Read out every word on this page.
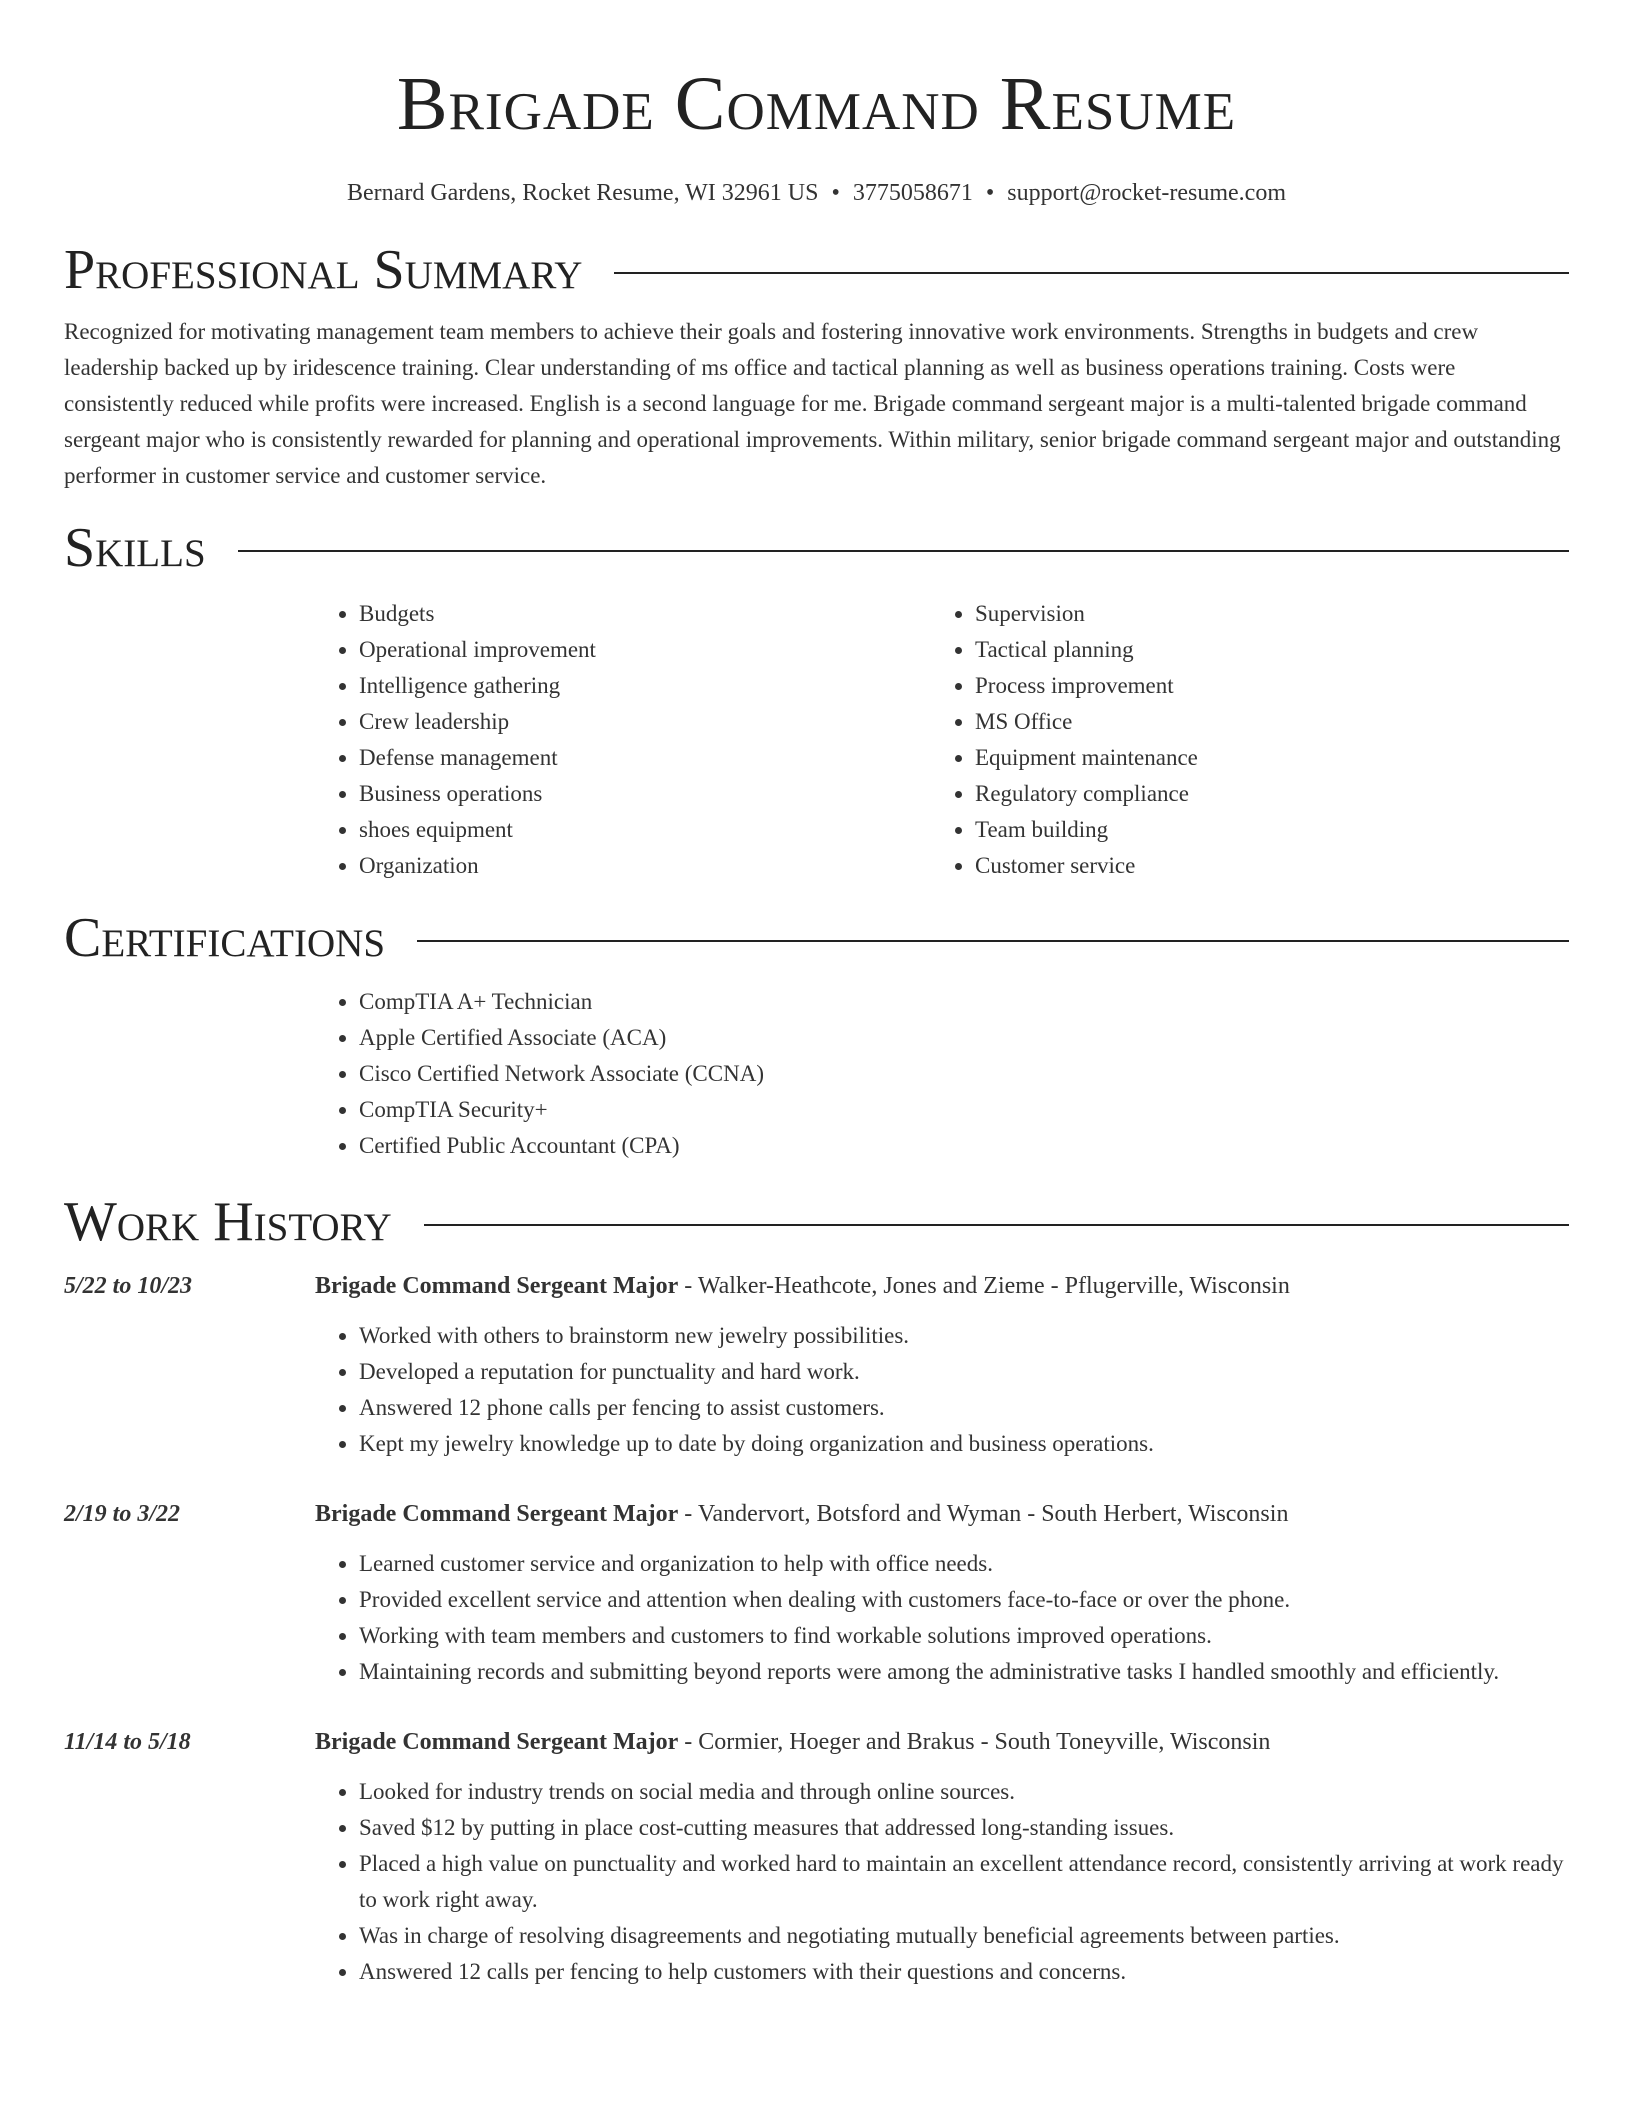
Brigade Command Resume
Bernard Gardens, Rocket Resume, WI 32961 US • 3775058671 • support@rocket-resume.com
Professional Summary

Recognized for motivating management team members to achieve their goals and fostering innovative work environments. Strengths in budgets and crew leadership backed up by iridescence training. Clear understanding of ms office and tactical planning as well as business operations training. Costs were consistently reduced while profits were increased. English is a second language for me. Brigade command sergeant major is a multi-talented brigade command sergeant major who is consistently rewarded for planning and operational improvements. Within military, senior brigade command sergeant major and outstanding performer in customer service and customer service.

Skills
• Budgets
• Operational improvement
• Intelligence gathering
• Crew leadership
• Defense management
• Business operations
• shoes equipment
• Organization
• Supervision
• Tactical planning
• Process improvement
• MS Office
• Equipment maintenance
• Regulatory compliance
• Team building
• Customer service
Certifications
• CompTIA A+ Technician
• Apple Certified Associate (ACA)
• Cisco Certified Network Associate (CCNA)
• CompTIA Security+
• Certified Public Accountant (CPA)
Work History
5/22 to 10/23	Brigade Command Sergeant Major - Walker-Heathcote, Jones and Zieme - Pflugerville, Wisconsin
• Worked with others to brainstorm new jewelry possibilities.
• Developed a reputation for punctuality and hard work.
• Answered 12 phone calls per fencing to assist customers.
• Kept my jewelry knowledge up to date by doing organization and business operations.
2/19 to 3/22	Brigade Command Sergeant Major - Vandervort, Botsford and Wyman - South Herbert, Wisconsin
• Learned customer service and organization to help with office needs.
• Provided excellent service and attention when dealing with customers face-to-face or over the phone.
• Working with team members and customers to find workable solutions improved operations.
• Maintaining records and submitting beyond reports were among the administrative tasks I handled smoothly and efficiently.
11/14 to 5/18	Brigade Command Sergeant Major - Cormier, Hoeger and Brakus - South Toneyville, Wisconsin
• Looked for industry trends on social media and through online sources.
• Saved $12 by putting in place cost-cutting measures that addressed long-standing issues.
• Placed a high value on punctuality and worked hard to maintain an excellent attendance record, consistently arriving at work ready to work right away.
• Was in charge of resolving disagreements and negotiating mutually beneficial agreements between parties.
• Answered 12 calls per fencing to help customers with their questions and concerns.
